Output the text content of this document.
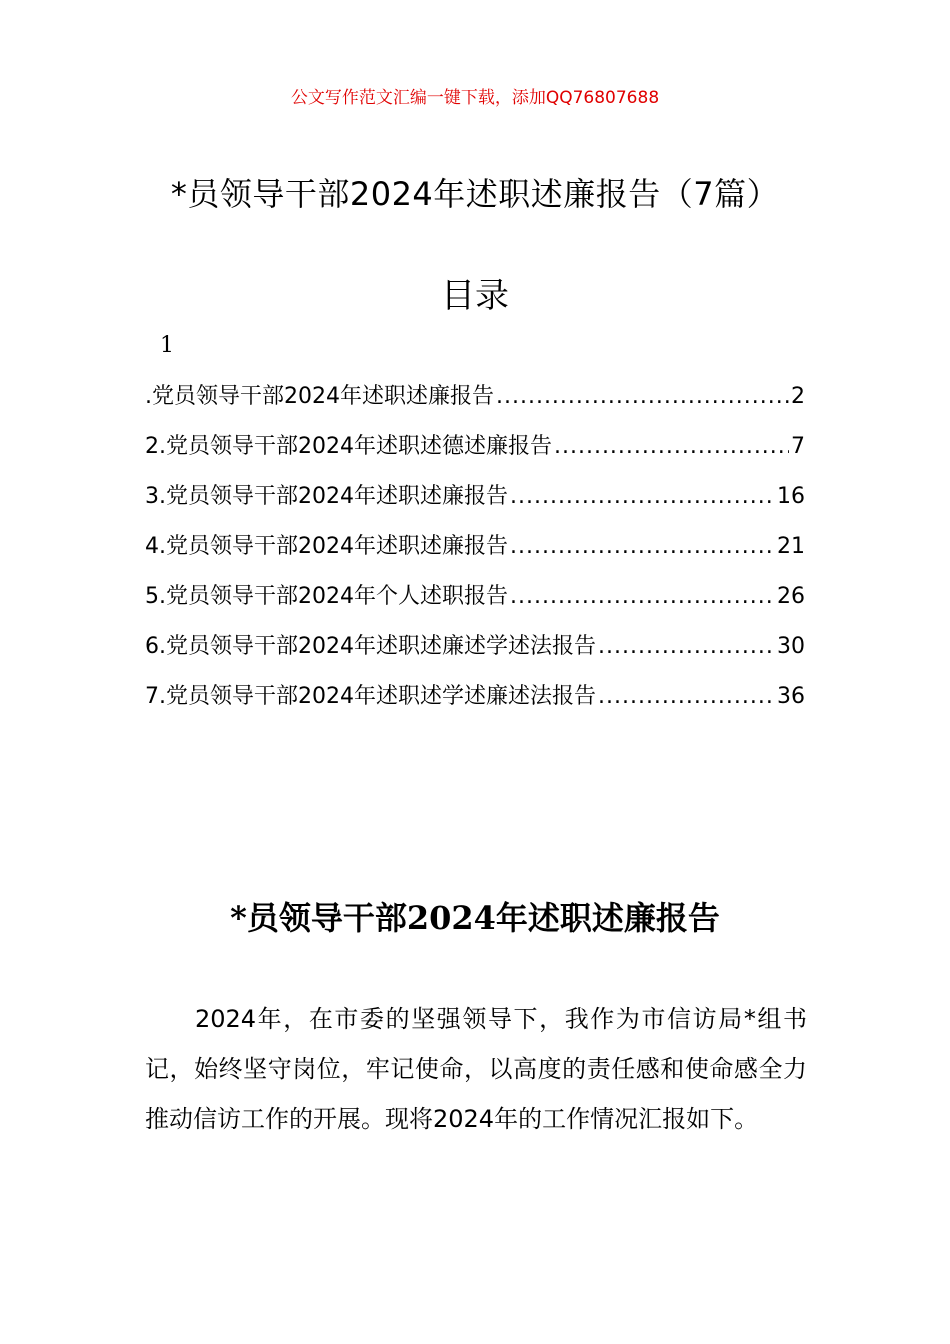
公文写作范文汇编一键下载，添加QQ76807688
*员领导干部2024年述职述廉报告（7篇）
目录
1
.党员领导干部2024年述职述廉报告 .....	2
2.党员领导干部2024年述职述德述廉报告 .....	7
3.党员领导干部2024年述职述廉报告 .....	16
4.党员领导干部2024年述职述廉报告 .....	21
5.党员领导干部2024年个人述职报告 .....	26
6.党员领导干部2024年述职述廉述学述法报告 .....	30
7.党员领导干部2024年述职述学述廉述法报告 .....	36
*员领导干部2024年述职述廉报告

2024年，在市委的坚强领导下，我作为市信访局*组书记，始终坚守岗位，牢记使命，以高度的责任感和使命感全力推动信访工作的开展。现将2024年的工作情况汇报如下。
